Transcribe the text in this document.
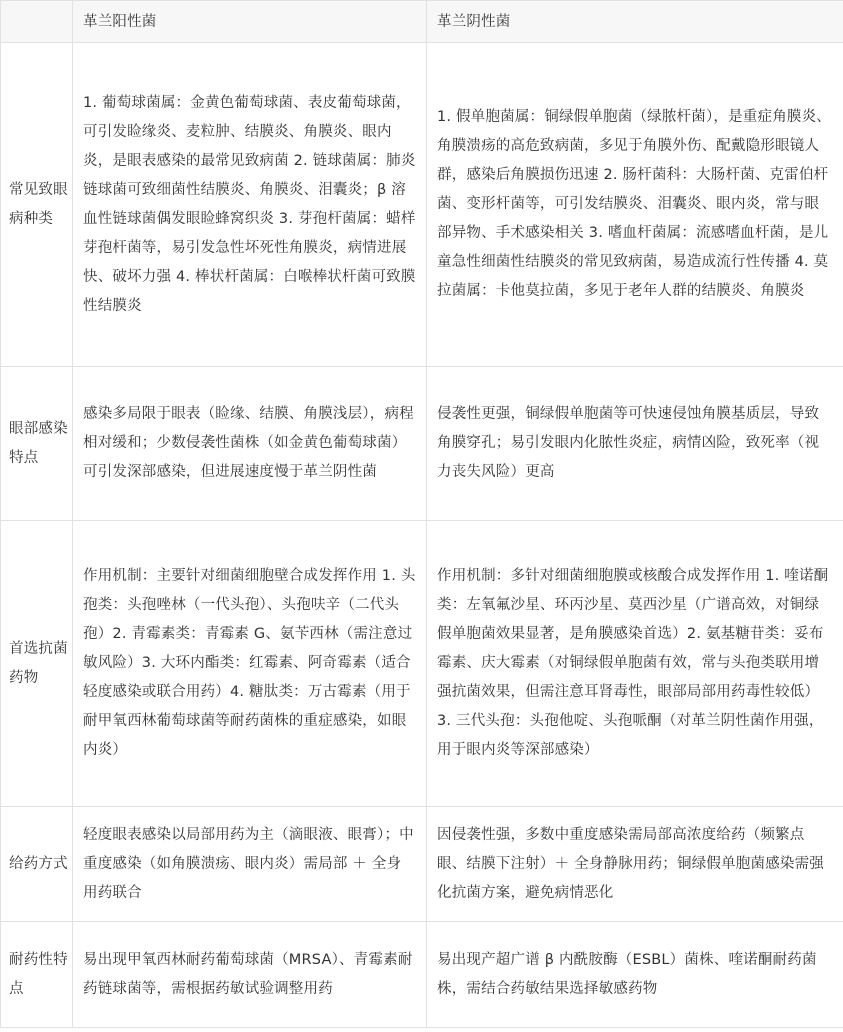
	革兰阳性菌	革兰阴性菌
常见致眼病种类	1. 葡萄球菌属：金黄色葡萄球菌、表皮葡萄球菌，可引发睑缘炎、麦粒肿、结膜炎、角膜炎、眼内炎，是眼表感染的最常见致病菌 2. 链球菌属：肺炎链球菌可致细菌性结膜炎、角膜炎、泪囊炎；β 溶血性链球菌偶发眼睑蜂窝织炎 3. 芽孢杆菌属：蜡样芽孢杆菌等，易引发急性坏死性角膜炎，病情进展快、破坏力强 4. 棒状杆菌属：白喉棒状杆菌可致膜性结膜炎	1. 假单胞菌属：铜绿假单胞菌（绿脓杆菌），是重症角膜炎、角膜溃疡的高危致病菌，多见于角膜外伤、配戴隐形眼镜人群，感染后角膜损伤迅速 2. 肠杆菌科：大肠杆菌、克雷伯杆菌、变形杆菌等，可引发结膜炎、泪囊炎、眼内炎，常与眼部异物、手术感染相关 3. 嗜血杆菌属：流感嗜血杆菌，是儿童急性细菌性结膜炎的常见致病菌，易造成流行性传播 4. 莫拉菌属：卡他莫拉菌，多见于老年人群的结膜炎、角膜炎
眼部感染特点	感染多局限于眼表（睑缘、结膜、角膜浅层），病程相对缓和；少数侵袭性菌株（如金黄色葡萄球菌）可引发深部感染，但进展速度慢于革兰阴性菌	侵袭性更强，铜绿假单胞菌等可快速侵蚀角膜基质层，导致角膜穿孔；易引发眼内化脓性炎症，病情凶险，致死率（视力丧失风险）更高
首选抗菌药物	作用机制：主要针对细菌细胞壁合成发挥作用 1. 头孢类：头孢唑林（一代头孢）、头孢呋辛（二代头孢）2. 青霉素类：青霉素 G、氨苄西林（需注意过敏风险）3. 大环内酯类：红霉素、阿奇霉素（适合轻度感染或联合用药）4. 糖肽类：万古霉素（用于耐甲氧西林葡萄球菌等耐药菌株的重症感染，如眼内炎）	作用机制：多针对细菌细胞膜或核酸合成发挥作用 1. 喹诺酮类：左氧氟沙星、环丙沙星、莫西沙星（广谱高效，对铜绿假单胞菌效果显著，是角膜感染首选）2. 氨基糖苷类：妥布霉素、庆大霉素（对铜绿假单胞菌有效，常与头孢类联用增强抗菌效果，但需注意耳肾毒性，眼部局部用药毒性较低）3. 三代头孢：头孢他啶、头孢哌酮（对革兰阴性菌作用强，用于眼内炎等深部感染）
给药方式	轻度眼表感染以局部用药为主（滴眼液、眼膏）；中重度感染（如角膜溃疡、眼内炎）需局部 ＋ 全身用药联合	因侵袭性强，多数中重度感染需局部高浓度给药（频繁点眼、结膜下注射）＋ 全身静脉用药；铜绿假单胞菌感染需强化抗菌方案，避免病情恶化
耐药性特点	易出现甲氧西林耐药葡萄球菌（MRSA）、青霉素耐药链球菌等，需根据药敏试验调整用药	易出现产超广谱 β 内酰胺酶（ESBL）菌株、喹诺酮耐药菌株，需结合药敏结果选择敏感药物
